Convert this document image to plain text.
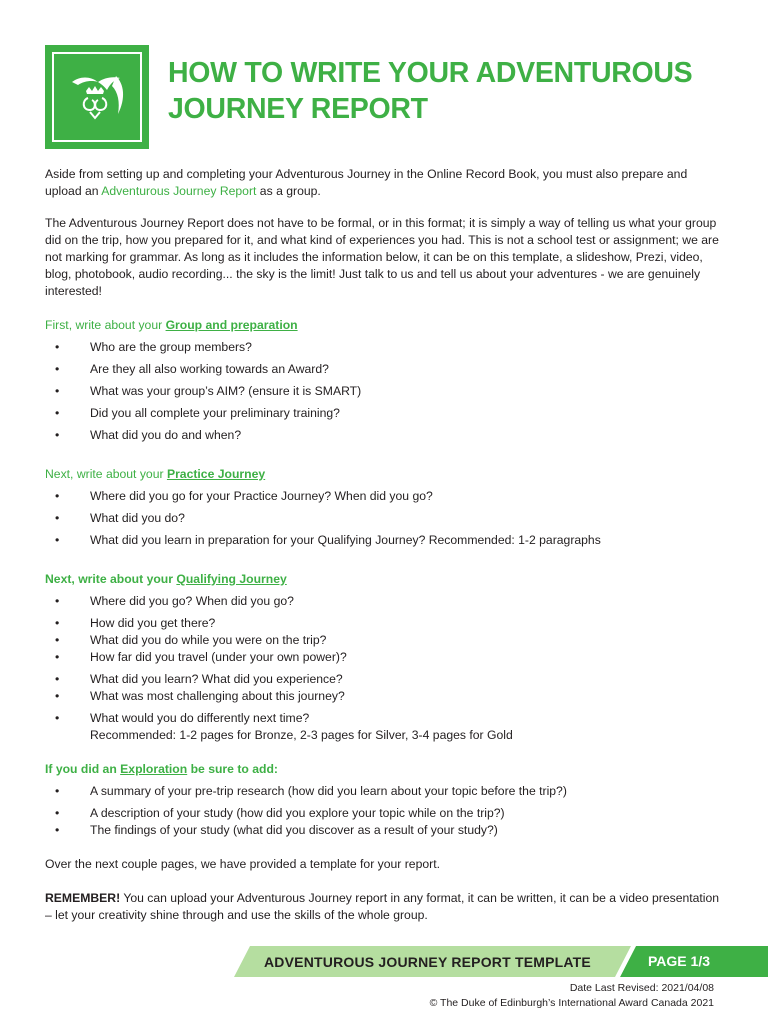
HOW TO WRITE YOUR ADVENTUROUS
JOURNEY REPORT

Aside from setting up and completing your Adventurous Journey in the Online Record Book, you must also prepare and upload an Adventurous Journey Report as a group.

The Adventurous Journey Report does not have to be formal, or in this format; it is simply a way of telling us what your group did on the trip, how you prepared for it, and what kind of experiences you had. This is not a school test or assignment; we are not marking for grammar. As long as it includes the information below, it can be on this template, a slideshow, Prezi, video, blog, photobook, audio recording... the sky is the limit! Just talk to us and tell us about your adventures - we are genuinely interested!

First, write about your Group and preparation

•	Who are the group members?
•	Are they all also working towards an Award?
•	What was your group’s AIM? (ensure it is SMART)
•	Did you all complete your preliminary training?
•	What did you do and when?

Next, write about your Practice Journey

•	Where did you go for your Practice Journey? When did you go?
•	What did you do?
•	What did you learn in preparation for your Qualifying Journey? Recommended: 1-2 paragraphs

Next, write about your Qualifying Journey

•	Where did you go? When did you go?
•	How did you get there?
•	What did you do while you were on the trip?
•	How far did you travel (under your own power)?
•	What did you learn? What did you experience?
•	What was most challenging about this journey?
•	What would you do differently next time?
Recommended: 1-2 pages for Bronze, 2-3 pages for Silver, 3-4 pages for Gold

If you did an Exploration be sure to add:

•	A summary of your pre-trip research (how did you learn about your topic before the trip?)
•	A description of your study (how did you explore your topic while on the trip?)
•	The findings of your study (what did you discover as a result of your study?)

Over the next couple pages, we have provided a template for your report.

REMEMBER! You can upload your Adventurous Journey report in any format, it can be written, it can be a video presentation – let your creativity shine through and use the skills of the whole group.

ADVENTUROUS JOURNEY REPORT TEMPLATE	PAGE 1/3
Date Last Revised: 2021/04/08
© The Duke of Edinburgh’s International Award Canada 2021
